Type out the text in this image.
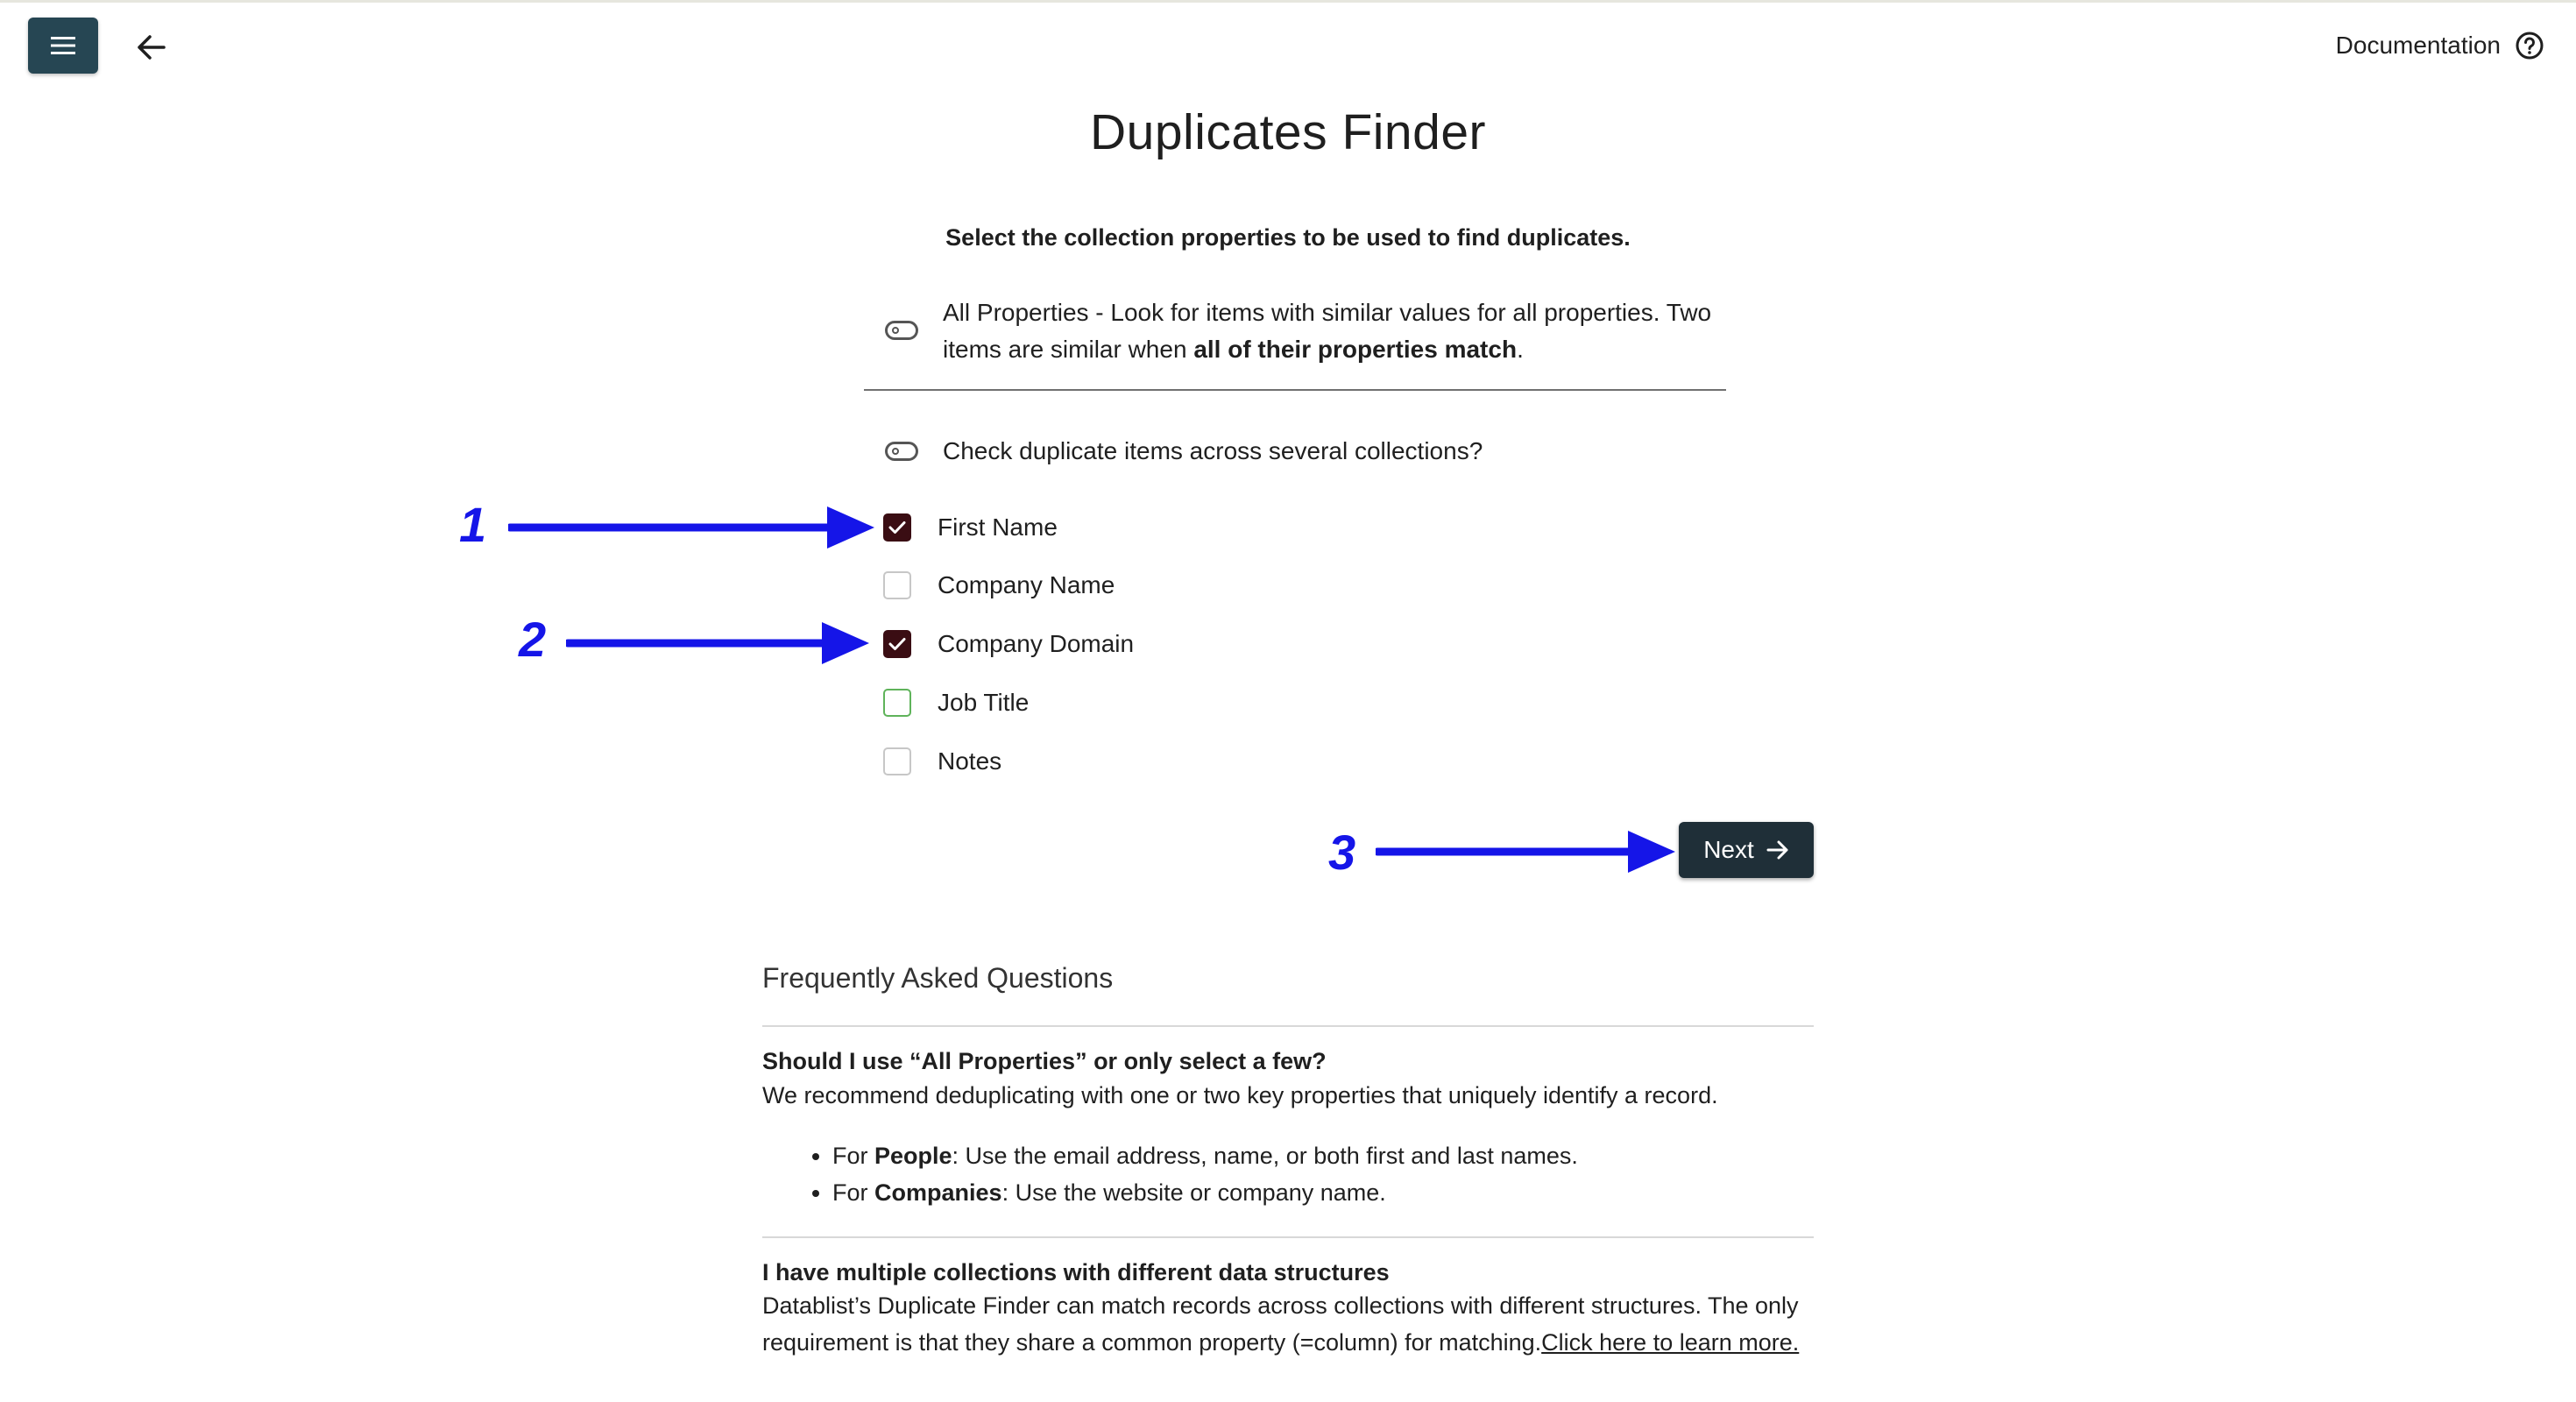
Documentation
Duplicates Finder
Select the collection properties to be used to find duplicates.
All Properties - Look for items with similar values for all properties. Two
items are similar when all of their properties match.
Check duplicate items across several collections?
First Name
Company Name
Company Domain
Job Title
Notes
1
2
3	Next
Frequently Asked Questions
Should I use “All Properties” or only select a few?

We recommend deduplicating with one or two key properties that uniquely identify a record.

• For People: Use the email address, name, or both first and last names.
• For Companies: Use the website or company name.
I have multiple collections with different data structures

Datablist’s Duplicate Finder can match records across collections with different structures. The only requirement is that they share a common property (=column) for matching.Click here to learn more.
